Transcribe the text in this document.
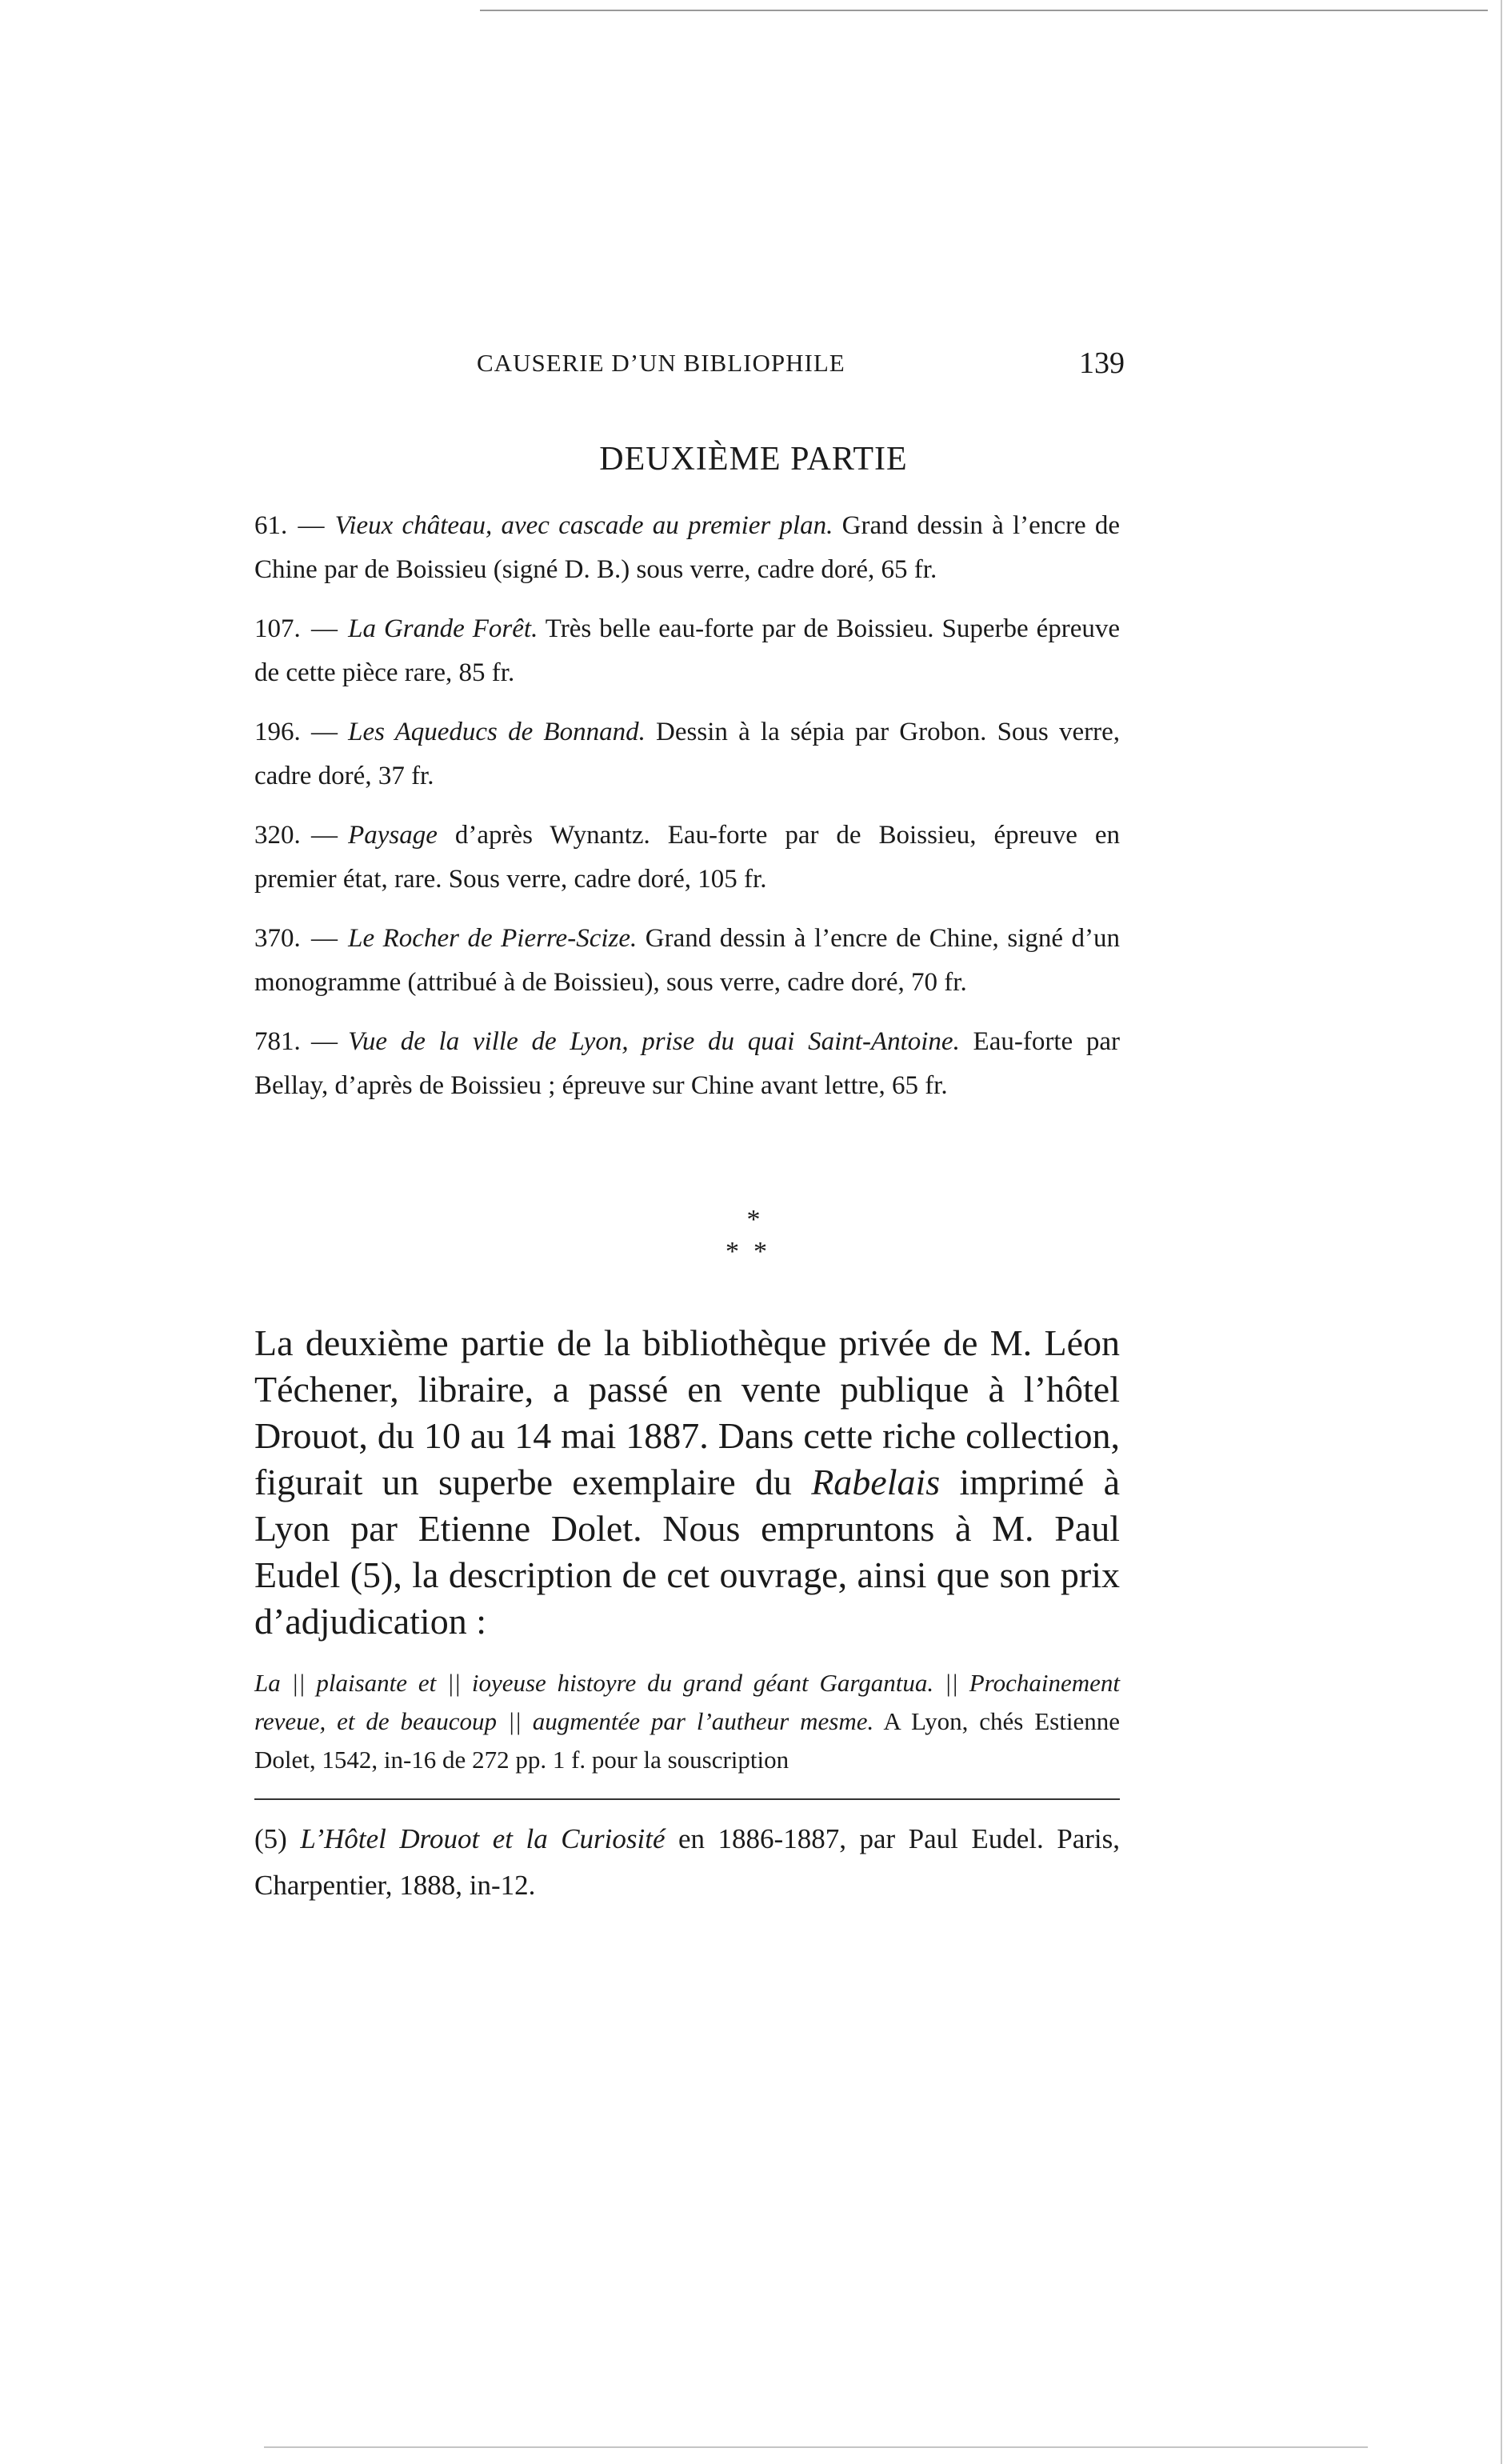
CAUSERIE D’UN BIBLIOPHILE	139
DEUXIÈME PARTIE
61. — Vieux château, avec cascade au premier plan. Grand dessin à l’encre de Chine par de Boissieu (signé D. B.) sous verre, cadre doré, 65 fr.
107. — La Grande Forêt. Très belle eau-forte par de Boissieu. Superbe épreuve de cette pièce rare, 85 fr.
196. — Les Aqueducs de Bonnand. Dessin à la sépia par Grobon. Sous verre, cadre doré, 37 fr.
320. — Paysage d’après Wynantz. Eau-forte par de Boissieu, épreuve en premier état, rare. Sous verre, cadre doré, 105 fr.
370. — Le Rocher de Pierre-Scize. Grand dessin à l’encre de Chine, signé d’un monogramme (attribué à de Boissieu), sous verre, cadre doré, 70 fr.
781. — Vue de la ville de Lyon, prise du quai Saint-Antoine. Eau-forte par Bellay, d’après de Boissieu ; épreuve sur Chine avant lettre, 65 fr.
*
**

La deuxième partie de la bibliothèque privée de M. Léon Téchener, libraire, a passé en vente publique à l’hôtel Drouot, du 10 au 14 mai 1887. Dans cette riche collection, figurait un superbe exemplaire du Rabelais imprimé à Lyon par Etienne Dolet. Nous empruntons à M. Paul Eudel (5), la description de cet ouvrage, ainsi que son prix d’adjudication :

La || plaisante et || ioyeuse histoyre du grand géant Gargantua. || Prochainement reveue, et de beaucoup || augmentée par l’autheur mesme. A Lyon, chés Estienne Dolet, 1542, in-16 de 272 pp. 1 f. pour la souscription

(5) L’Hôtel Drouot et la Curiosité en 1886-1887, par Paul Eudel. Paris, Charpentier, 1888, in-12.
